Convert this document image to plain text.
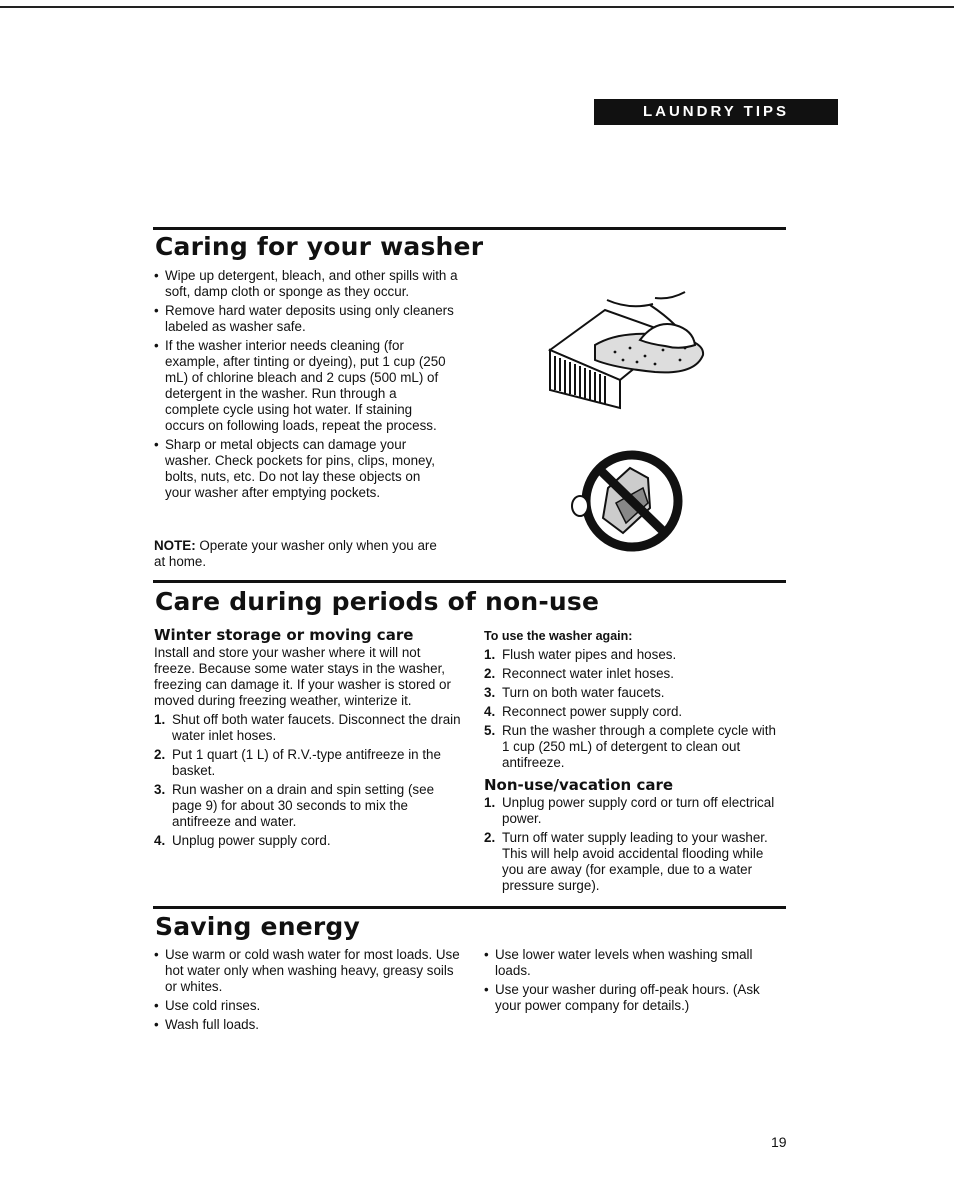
LAUNDRY TIPS
Caring for your washer
• Wipe up detergent, bleach, and other spills with a soft, damp cloth or sponge as they occur.
• Remove hard water deposits using only cleaners labeled as washer safe.
• If the washer interior needs cleaning (for example, after tinting or dyeing), put 1 cup (250 mL) of chlorine bleach and 2 cups (500 mL) of detergent in the washer. Run through a complete cycle using hot water. If staining occurs on following loads, repeat the process.
• Sharp or metal objects can damage your washer. Check pockets for pins, clips, money, bolts, nuts, etc. Do not lay these objects on your washer after emptying pockets.
NOTE: Operate your washer only when you are at home.
Care during periods of non-use
Winter storage or moving care
Install and store your washer where it will not freeze. Because some water stays in the washer, freezing can damage it. If your washer is stored or moved during freezing weather, winterize it.
1. Shut off both water faucets. Disconnect the drain water inlet hoses.
2. Put 1 quart (1 L) of R.V.-type antifreeze in the basket.
3. Run washer on a drain and spin setting (see page 9) for about 30 seconds to mix the antifreeze and water.
4. Unplug power supply cord.
To use the washer again:
1. Flush water pipes and hoses.
2. Reconnect water inlet hoses.
3. Turn on both water faucets.
4. Reconnect power supply cord.
5. Run the washer through a complete cycle with 1 cup (250 mL) of detergent to clean out antifreeze.
Non-use/vacation care
1. Unplug power supply cord or turn off electrical power.
2. Turn off water supply leading to your washer. This will help avoid accidental flooding while you are away (for example, due to a water pressure surge).
Saving energy
• Use warm or cold wash water for most loads. Use hot water only when washing heavy, greasy soils or whites.
• Use cold rinses.
• Wash full loads.
• Use lower water levels when washing small loads.
• Use your washer during off-peak hours. (Ask your power company for details.)
19
